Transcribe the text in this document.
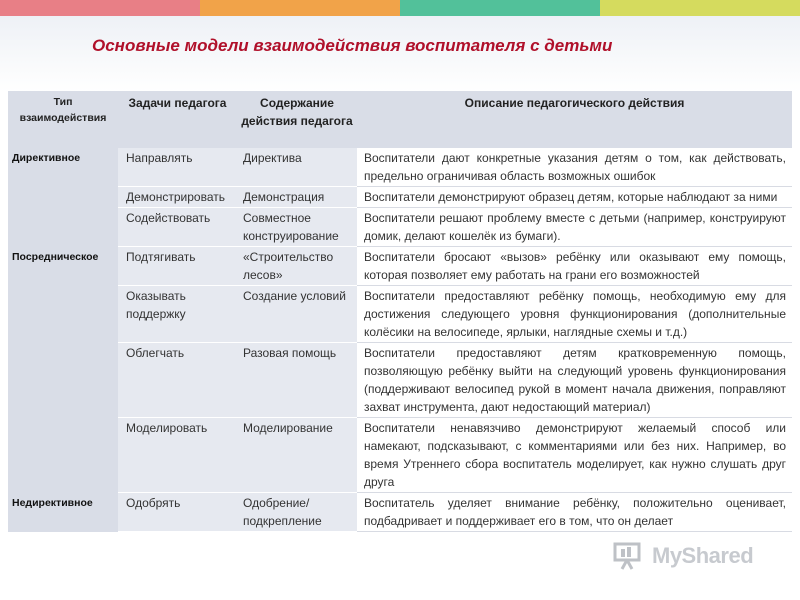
Основные модели взаимодействия воспитателя с детьми
Тип взаимодействия	Задачи педагога	Содержание действия педагога	Описание педагогического действия
Директивное	Направлять	Директива	Воспитатели дают конкретные указания детям о том, как действовать, предельно ограничивая область возможных ошибок
	Демонстрировать	Демонстрация	Воспитатели демонстрируют образец детям, которые наблюдают за ними
	Содействовать	Совместное конструирование	Воспитатели решают проблему вместе с детьми (например, конструируют домик, делают кошелёк из бумаги).
Посредническое	Подтягивать	«Строительство лесов»	Воспитатели бросают «вызов» ребёнку или оказывают ему помощь, которая позволяет ему работать на грани его возможностей
	Оказывать поддержку	Создание условий	Воспитатели предоставляют ребёнку помощь, необходимую ему для достижения следующего уровня функционирования (дополнительные колёсики на велосипеде, ярлыки, наглядные схемы и т.д.)
	Облегчать	Разовая помощь	Воспитатели предоставляют детям кратковременную помощь, позволяющую ребёнку выйти на следующий уровень функционирования (поддерживают велосипед рукой в момент начала движения, поправляют захват инструмента, дают недостающий материал)
	Моделировать	Моделирование	Воспитатели ненавязчиво демонстрируют желаемый способ или намекают, подсказывают, с комментариями или без них. Например, во время Утреннего сбора воспитатель моделирует, как нужно слушать друг друга
Недирективное	Одобрять	Одобрение/ подкрепление	Воспитатель уделяет внимание ребёнку, положительно оценивает, подбадривает и поддерживает его в том, что он делает
MyShared
